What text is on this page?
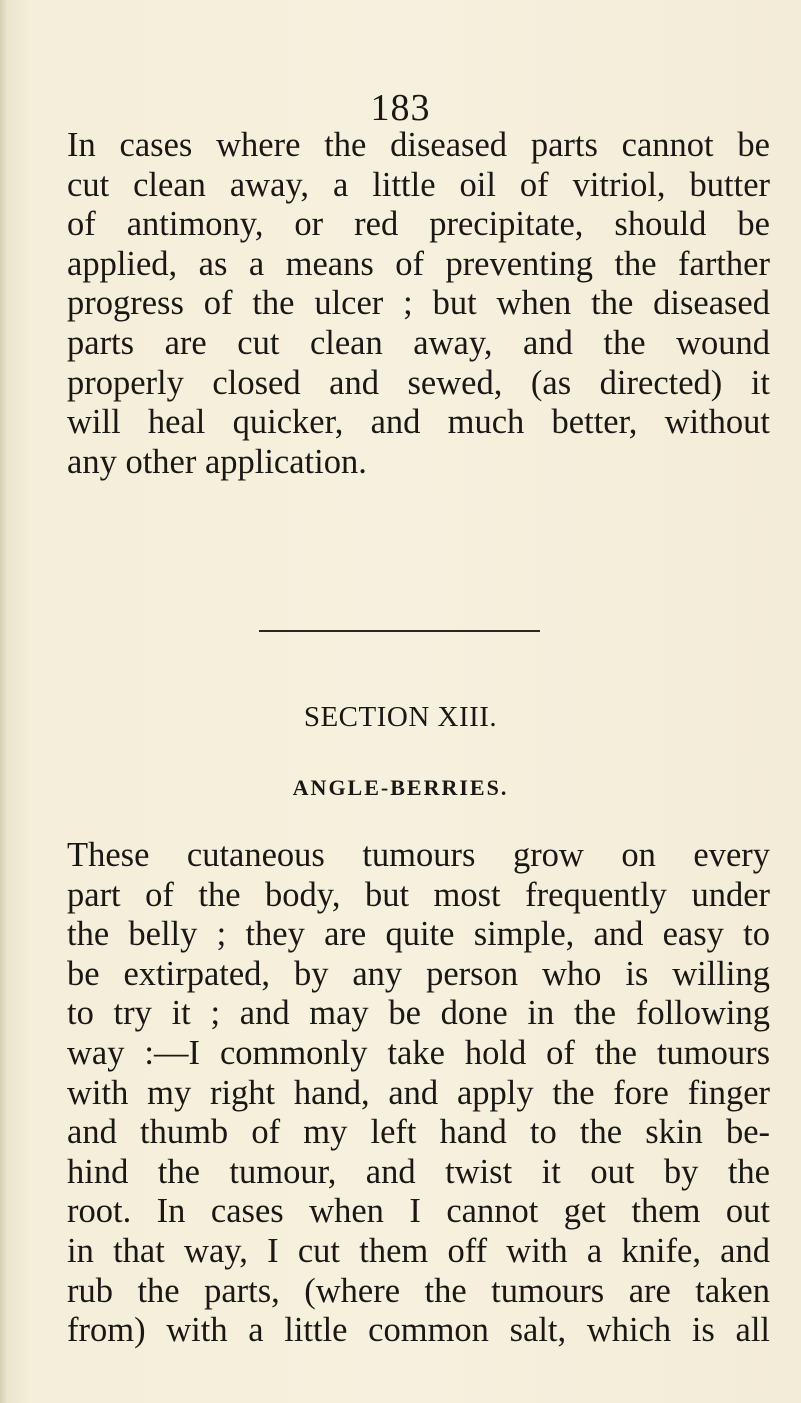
183
In cases where the diseased parts cannot be
cut clean away, a little oil of vitriol, butter
of antimony, or red precipitate, should be
applied, as a means of preventing the farther
progress of the ulcer ; but when the diseased
parts are cut clean away, and the wound
properly closed and sewed, (as directed) it
will heal quicker, and much better, without
any other application.
SECTION XIII.
ANGLE-BERRIES.
These cutaneous tumours grow on every
part of the body, but most frequently under
the belly ; they are quite simple, and easy to
be extirpated, by any person who is willing
to try it ; and may be done in the following
way :—I commonly take hold of the tumours
with my right hand, and apply the fore finger
and thumb of my left hand to the skin be-
hind the tumour, and twist it out by the
root. In cases when I cannot get them out
in that way, I cut them off with a knife, and
rub the parts, (where the tumours are taken
from) with a little common salt, which is all
